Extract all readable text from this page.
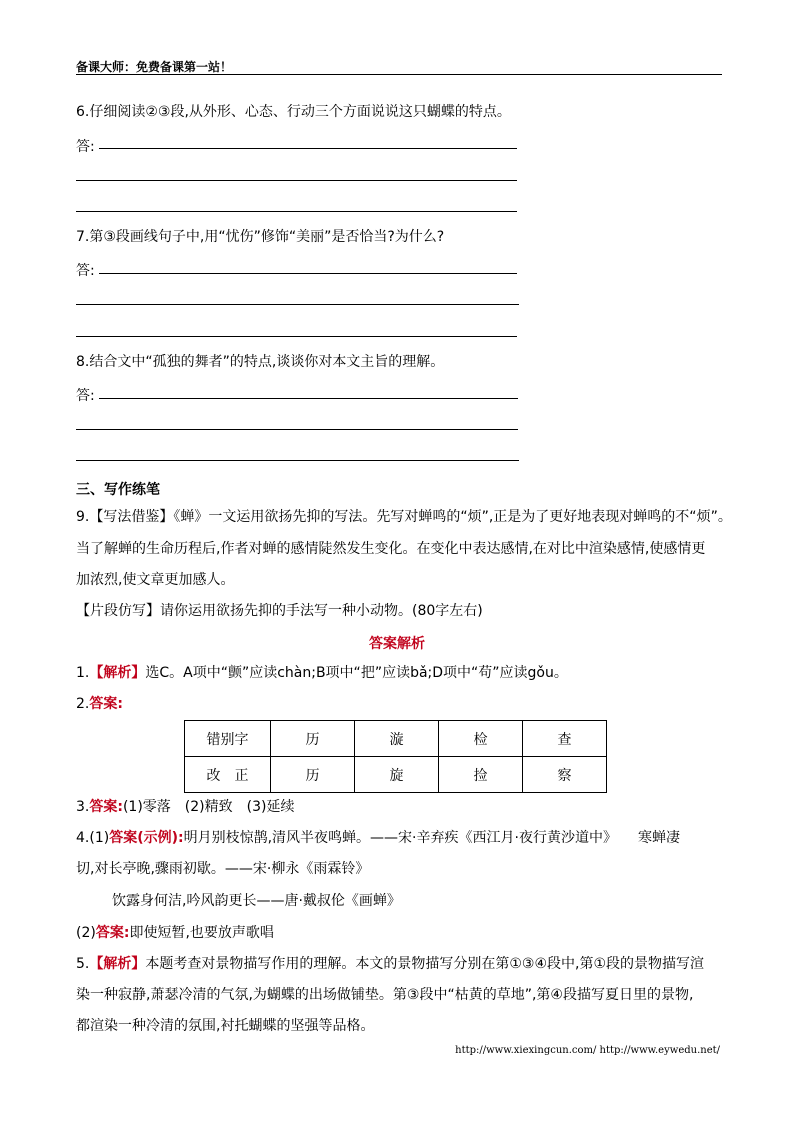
备课大师：免费备课第一站！
6.仔细阅读②③段,从外形、心态、行动三个方面说说这只蝴蝶的特点。
答:
7.第③段画线句子中,用“忧伤”修饰“美丽”是否恰当?为什么?
答:
8.结合文中“孤独的舞者”的特点,谈谈你对本文主旨的理解。
答:
三、写作练笔
9.【写法借鉴】《蝉》一文运用欲扬先抑的写法。先写对蝉鸣的“烦”,正是为了更好地表现对蝉鸣的不“烦”。
当了解蝉的生命历程后,作者对蝉的感情陡然发生变化。在变化中表达感情,在对比中渲染感情,使感情更
加浓烈,使文章更加感人。
【片段仿写】请你运用欲扬先抑的手法写一种小动物。(80字左右)
答案解析
1.【解析】选C。A项中“颤”应读chàn;B项中“把”应读bǎ;D项中“苟”应读gǒu。
2.答案:
错别字	历	漩	检	查
改　正	历	旋	捡	察
3.答案:(1)零落　(2)精致　(3)延续
4.(1)答案(示例):明月别枝惊鹊,清风半夜鸣蝉。——宋·辛弃疾《西江月·夜行黄沙道中》　　寒蝉凄
切,对长亭晚,骤雨初歇。——宋·柳永《雨霖铃》
饮露身何洁,吟风韵更长——唐·戴叔伦《画蝉》
(2)答案:即使短暂,也要放声歌唱
5.【解析】本题考查对景物描写作用的理解。本文的景物描写分别在第①③④段中,第①段的景物描写渲
染一种寂静,萧瑟冷清的气氛,为蝴蝶的出场做铺垫。第③段中“枯黄的草地”,第④段描写夏日里的景物,
都渲染一种冷清的氛围,衬托蝴蝶的坚强等品格。
http://www.xiexingcun.com/ http://www.eywedu.net/
